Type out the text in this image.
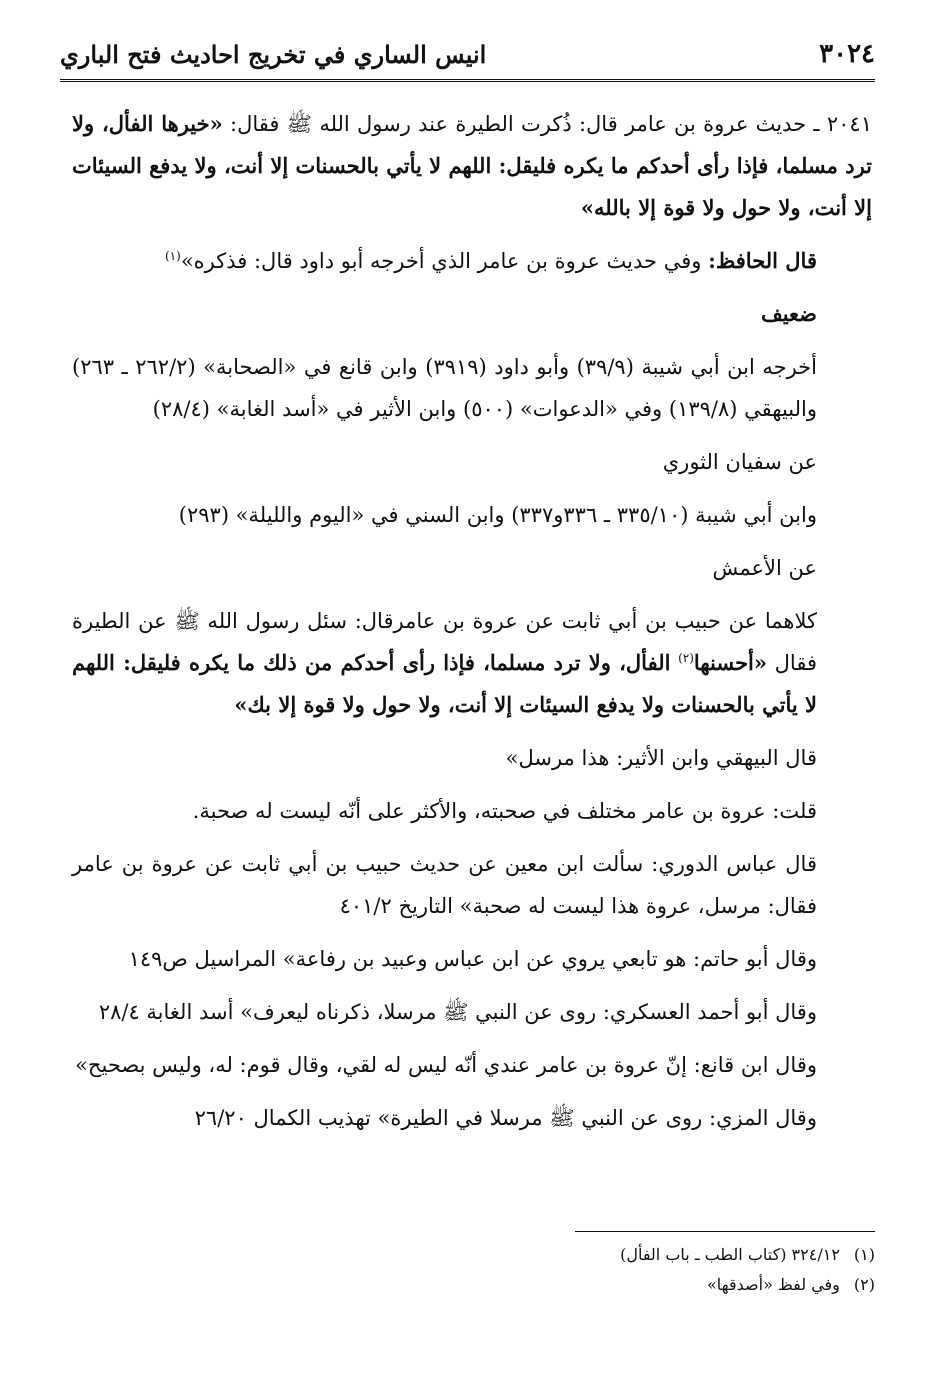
٣٠٢٤
انيس الساري في تخريج احاديث فتح الباري

٢٠٤١ ـ حديث عروة بن عامر قال: ذُكرت الطيرة عند رسول الله ﷺ فقال: «خيرها الفأل، ولا ترد مسلما، فإذا رأى أحدكم ما يكره فليقل: اللهم لا يأتي بالحسنات إلا أنت، ولا يدفع السيئات إلا أنت، ولا حول ولا قوة إلا بالله»

قال الحافظ: وفي حديث عروة بن عامر الذي أخرجه أبو داود قال: فذكره»$^{(١)}$

ضعيف

أخرجه ابن أبي شيبة (٣٩/٩) وأبو داود (٣٩١٩) وابن قانع في «الصحابة» (٢٦٢/٢ ـ ٢٦٣) والبيهقي (١٣٩/٨) وفي «الدعوات» (٥٠٠) وابن الأثير في «أسد الغابة» (٢٨/٤)

عن سفيان الثوري

وابن أبي شيبة (٣٣٥/١٠ ـ ٣٣٦و٣٣٧) وابن السني في «اليوم والليلة» (٢٩٣)

عن الأعمش

كلاهما عن حبيب بن أبي ثابت عن عروة بن عامرقال: سئل رسول الله ﷺ عن الطيرة فقال «أحسنها$^{(٢)}$ الفأل، ولا ترد مسلما، فإذا رأى أحدكم من ذلك ما يكره فليقل: اللهم لا يأتي بالحسنات ولا يدفع السيئات إلا أنت، ولا حول ولا قوة إلا بك»

قال البيهقي وابن الأثير: هذا مرسل»

قلت: عروة بن عامر مختلف في صحبته، والأكثر على أنّه ليست له صحبة.

قال عباس الدوري: سألت ابن معين عن حديث حبيب بن أبي ثابت عن عروة بن عامر فقال: مرسل، عروة هذا ليست له صحبة» التاريخ ٤٠١/٢

وقال أبو حاتم: هو تابعي يروي عن ابن عباس وعبيد بن رفاعة» المراسيل ص١٤٩

وقال أبو أحمد العسكري: روى عن النبي ﷺ مرسلا، ذكرناه ليعرف» أسد الغابة ٢٨/٤

وقال ابن قانع: إنّ عروة بن عامر عندي أنّه ليس له لقي، وقال قوم: له، وليس بصحيح»

وقال المزي: روى عن النبي ﷺ مرسلا في الطيرة» تهذيب الكمال ٢٦/٢٠

(١)
٣٢٤/١٢ (كتاب الطب ـ باب الفأل)
(٢)
وفي لفظ «أصدقها»
